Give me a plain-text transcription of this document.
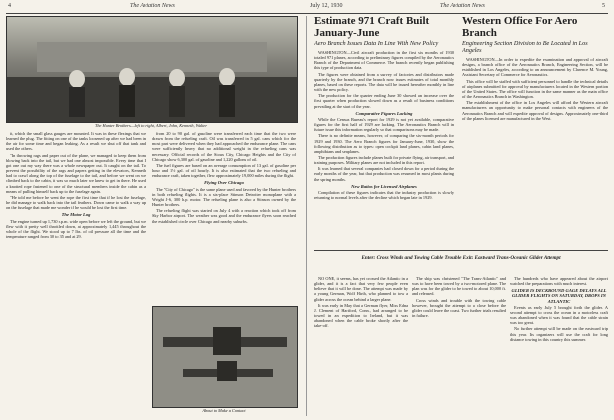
4	The Aviation News	July 12, 1930	The Aviation News	5
The Hunter Brothers—left to right, Albert, John, Kenneth, Walter

it, which the small glass gauges are mounted. It was in these flexings that we learned the plug. The fitting on one of the tanks loosened up after we had been in the air for some time and began leaking. As a result we shut off that tank and used the others.

"In throwing rags and paper out of the plane, we managed to keep them from blowing back into the tail, but we had one almost impossible. Every time that I got one out my way there was a whole newspaper out. It caught on the tail. To prevent the possibility of the rags and papers getting in the elevators, Kenneth had to crawl along the top of the fuselage to the tail, and before we went on we climbed back to the cabin, it was so much later we knew to get in there. He used a knotted rope fastened to one of the structural members inside the cabin as a means of pulling himself back up to the fuselage again.

"He told me before he went the rope the first time that if he lost the fuselage, he did manage to walk back into the tail feathers. Down came to walk a way up on the fuselage that made me wonder if he would be lost the first time.

The Motor Log

The engine turned up 1,730 r.p.m. wide open before we left the ground, but we flew with it pretty well throttled down, at approximately 1,445 throughout the whole of the flight. We stood up to 7 lbs. of oil pressure all the time and the temperature ranged from 30 to 35 and at 29.

from 20 to 90 gal. of gasoline were transferred each time that the two were drawn from the refueling craft. Oil was transferred in 5 gal. cans which for the most part were delivered when they had approached the endurance plane. The cans were sufficiently heavy that no additional weight in the refueling cans was necessary. Official records of the Sioux City, Chicago Heights and the City of Chicago show 6,300 gal. of gasoline and 1,220 gallons of oil.

The fuel figures are based on an average consumption of 13 gal. of gasoline per hour and 1½ gal. of oil hourly. It is also estimated that the two refueling and endurance craft, taken together, flew approximately 19,000 miles during the flight.

Flying Over Chicago

The "City of Chicago" is the same plane used and favored by the Hunter brothers in both refueling flights. It is a six-place Stinson Detroiter monoplane with a Wright J-6, 300 h.p. motor. The refueling plane is also a Stinson owned by the Hunter brothers.

The refueling flight was started on July 4 with a reaction which took off from Sky Harbor airport. The weather was good and the endurance flyers soon reached the established circle over Chicago and nearby suburbs.

About to Make a Contact
Estimate 971 Craft Built January-June
Aero Branch Issues Data In Line With New Policy

WASHINGTON—Civil aircraft production in the first six months of 1930 totaled 971 planes, according to preliminary figures compiled by the Aeronautics Branch of the Department of Commerce. The branch recently began publishing this type of production data.

The figures were obtained from a survey of factories and distributors made quarterly by the branch, and the branch now issues estimates of total monthly planes, based on these reports. The data will be issued hereafter monthly in line with the new policy.

The production for the quarter ending June 30 showed an increase over the first quarter when production slowed down as a result of business conditions prevailing at the start of the year.

Comparative Figures Lacking

While the Census Bureau's report for 1929 is not yet available, comparative figures for the first half of 1929 are lacking. The Aeronautics Branch will in future issue this information regularly so that comparisons may be made.

There is no definite means, however, of comparing the six-month periods for 1929 and 1930. The Aero Branch figures for January-June, 1930, show the following distribution as to types: open cockpit land planes, cabin land planes, amphibians and seaplanes.

The production figures include planes built for private flying, air transport, and training purposes. Military planes are not included in this report.

It was learned that several companies had closed down for a period during the early months of the year, but that production was resumed in most plants during the spring months.

New Ratios for Licensed Airplanes

Compilation of these figures indicates that the industry production is slowly returning to normal levels after the decline which began late in 1929.

Western Office For Aero Branch
Engineering Section Division to Be Located in Los Angeles

WASHINGTON—In order to expedite the examination and approval of aircraft designs, a branch office of the Aeronautics Branch, Engineering Section, will be established in Los Angeles, according to an announcement by Clarence M. Young, Assistant Secretary of Commerce for Aeronautics.

This office will be staffed with sufficient personnel to handle the technical details of airplanes submitted for approval by manufacturers located in the Western portion of the United States. The office will function in the same manner as the main office of the Aeronautics Branch in Washington.

The establishment of the office in Los Angeles will afford the Western aircraft manufacturers an opportunity to make personal contacts with engineers of the Aeronautics Branch and will expedite approval of designs. Approximately one-third of the planes licensed are manufactured in the West.

Enter: Cross Winds and Towing Cable Trouble Exit: Eastward Trans-Oceanic Glider Attempt

NO ONE, it seems, has yet crossed the Atlantic in a glider, and it is a fact that very few people even believe that it will be done. The attempt was made by a young German, Wolf Hirth, who planned to tow a glider across the ocean behind a larger plane.

It was early in May that a German flyer, Miss Edna J. Clement of Hartford, Conn., had arranged to be towed in an expedition to Ireland, but it was abandoned when the cable broke shortly after the take-off.

The ship was christened "The Trans-Atlantic" and was to have been towed by a two-motored plane. The plan was for the glider to be towed to about 10,000 ft. and released.

Cross winds and trouble with the towing cable however, brought the attempt to a close before the glider could leave the coast. Two further trials resulted in failure.

The hundreds who have appeared about the airport watched the preparations with much interest.

GLIDER IS DECKBOUND GAGE DELAYS ALL GLIDER FLIGHTS ON SATURDAY, DROPS IN ATLANTIC

Events as early July 5 brought forth the glider. A second attempt to cross the ocean in a motorless craft was abandoned when it was found that the cable strain was too great.

No further attempt will be made on the eastward trip this year. Its organizers will use the craft for long distance towing in this country this summer.
